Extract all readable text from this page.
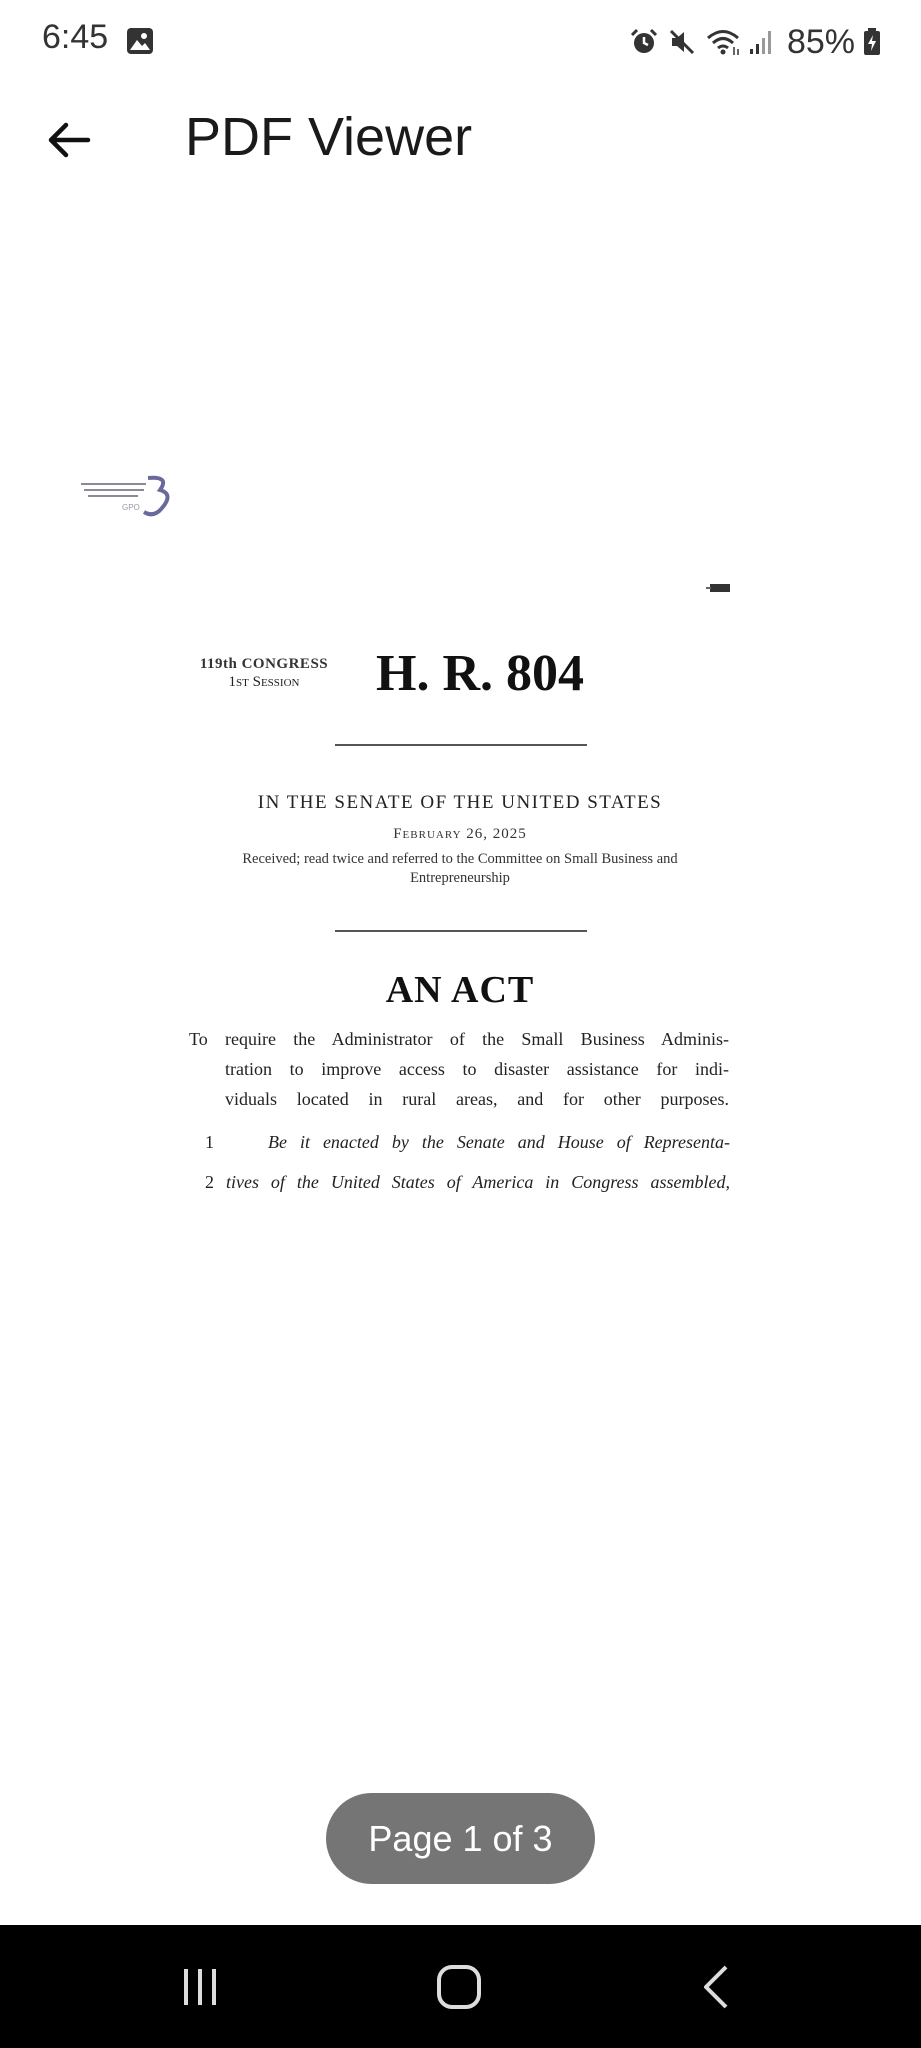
6:45	85%
PDF Viewer
GPO
119th CONGRESS
1st Session	H. R. 804
IN THE SENATE OF THE UNITED STATES
February 26, 2025
Received; read twice and referred to the Committee on Small Business and
Entrepreneurship
AN ACT
To require the Administrator of the Small Business Adminis-
tration to improve access to disaster assistance for indi-
viduals located in rural areas, and for other purposes.
1	Be it enacted by the Senate and House of Representa-
2 tives of the United States of America in Congress assembled,
Page 1 of 3
